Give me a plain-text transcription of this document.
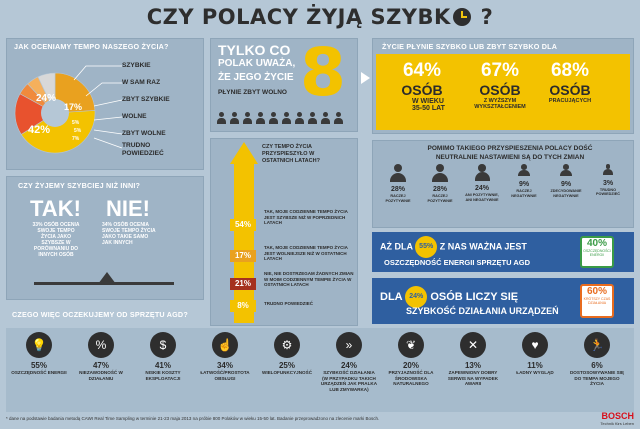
CZY POLACY ŻYJĄ SZYBK ?
JAK OCENIAMY TEMPO NASZEGO ŻYCIA?
24%
17%
42%
5%
5%
7%
SZYBKIE
W SAM RAZ
ZBYT SZYBKIE
WOLNE
ZBYT WOLNE
TRUDNO POWIEDZIEĆ
TYLKO CO
POLAK UWAŻA,
ŻE JEGO ŻYCIE
PŁYNIE ZBYT WOLNO 8	ŻYCIE PŁYNIE SZYBKO LUB ZBYT SZYBKO DLA
64%
OSÓB
W WIEKU 35-50 LAT
67%
OSÓB
Z WYŻSZYM WYKSZTAŁCENIEM
68%
OSÓB
PRACUJĄCYCH
CZY ŻYJEMY SZYBCIEJ NIŻ INNI?
TAK!
33% OSÓB OCENIA SWOJE TEMPO ŻYCIA JAKO SZYBSZE W PORÓWNANIU DO INNYCH OSÓB
NIE!
34% OSÓB OCENIA SWOJE TEMPO ŻYCIA JAKO TAKIE SAMO JAK INNYCH
CZY TEMPO ŻYCIA PRZYSPIESZYŁO W OSTATNICH LATACH?
54%
TAK, MOJE CODZIENNE TEMPO ŻYCIA JEST SZYBSZE NIŻ W POPRZEDNICH LATACH
17%
TAK, MOJE CODZIENNE TEMPO ŻYCIA JEST WOLNIEJSZE NIŻ W OSTATNICH LATACH
21%
NIE, NIE DOSTRZEGAM ŻADNYCH ZMIAN W MOIM CODZIENNYM TEMPIE ŻYCIA W OSTATNICH LATACH
8%	TRUDNO POWIEDZIEĆ
POMIMO TAKIEGO PRZYSPIESZENIA POLACY DOŚĆ NEUTRALNIE NASTAWIENI SĄ DO TYCH ZMIAN
28%
RACZEJ POZYTYWNIE
28%
RACZEJ POZYTYWNIE
24%
ANI POZYTYWNIE, ANI NEGATYWNIE
9%
RACZEJ NEGATYWNIE
9%
ZDECYDOWANIE NEGATYWNIE
3%
TRUDNO POWIEDZIEĆ
AŻ DLA 55% Z NAS WAŻNA JEST
OSZCZĘDNOŚĆ ENERGII SPRZĘTU AGD
40%
OSZCZĘDNOŚCI ENERGII
DLA 24% OSÓB LICZY SIĘ
SZYBKOŚĆ DZIAŁANIA URZĄDZEŃ
60%
KRÓTSZY CZAS DZIAŁANIA
CZEGO WIĘC OCZEKUJEMY OD SPRZĘTU AGD?
💡
55%
OSZCZĘDNOŚĆ ENERGII
%
47%
NIEZAWODNOŚĆ W DZIAŁANIU
$
41%
NISKIE KOSZTY EKSPLOATACJI
☝
34%
ŁATWOŚĆ/PROSTOTA OBSŁUGI
⚙
25%
WIELOFUNKCYJNOŚĆ
»
24%
SZYBKOŚĆ DZIAŁANIA (W PRZYPADKU TAKICH URZĄDZEŃ JAK PRALKA LUB ZMYWARKA)
❦
20%
PRZYJAZNOŚĆ DLA ŚRODOWISKA NATURALNEGO
✕
13%
ZAPEWNIONY DOBRY SERWIS NA WYPADEK AWARII
♥
11%
ŁADNY WYGLĄD
🏃
6%
DOSTOSOWYWANIE SIĘ DO TEMPA MOJEGO ŻYCIA
* dane na podstawie badania metodą CAWI Real Time Sampling w terminie 21-23 maja 2013 na próbie 800 Polaków w wieku 15-50 lat. Badanie przeprowadzono na zlecenie marki Bosch.	BOSCH
Technik fürs Leben
